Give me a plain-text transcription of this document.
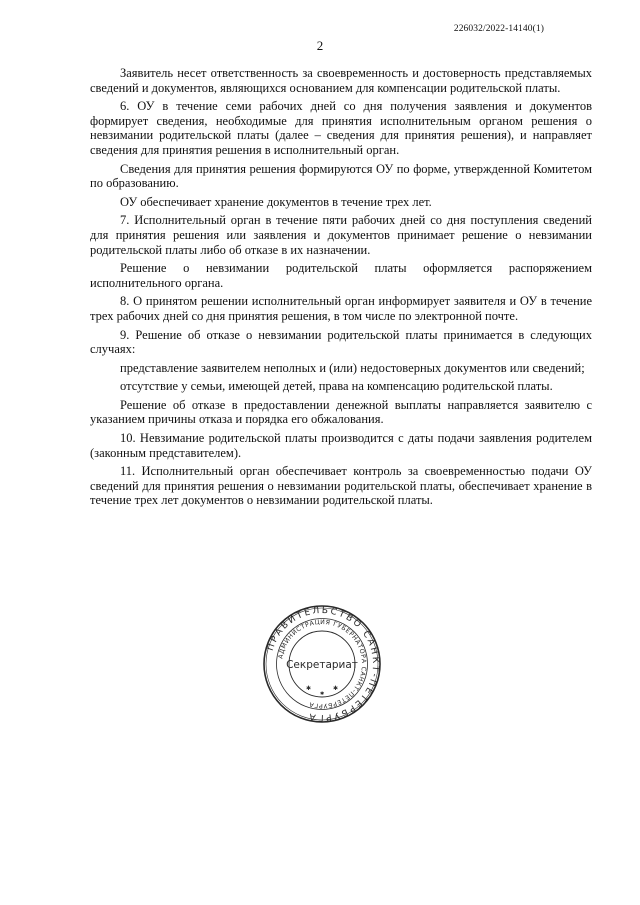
226032/2022-14140(1)
2

Заявитель несет ответственность за своевременность и достоверность представляемых сведений и документов, являющихся основанием для компенсации родительской платы.

6. ОУ в течение семи рабочих дней со дня получения заявления и документов формирует сведения, необходимые для принятия исполнительным органом решения о невзимании родительской платы (далее – сведения для принятия решения), и направляет сведения для принятия решения в исполнительный орган.

Сведения для принятия решения формируются ОУ по форме, утвержденной Комитетом по образованию.

ОУ обеспечивает хранение документов в течение трех лет.

7. Исполнительный орган в течение пяти рабочих дней со дня поступления сведений для принятия решения или заявления и документов принимает решение о невзимании родительской платы либо об отказе в их назначении.

Решение о невзимании родительской платы оформляется распоряжением исполнительного органа.

8. О принятом решении исполнительный орган информирует заявителя и ОУ в течение трех рабочих дней со дня принятия решения, в том числе по электронной почте.

9. Решение об отказе о невзимании родительской платы принимается в следующих случаях:

представление заявителем неполных и (или) недостоверных документов или сведений;

отсутствие у семьи, имеющей детей, права на компенсацию родительской платы.

Решение об отказе в предоставлении денежной выплаты направляется заявителю с указанием причины отказа и порядка его обжалования.

10. Невзимание родительской платы производится с даты подачи заявления родителем (законным представителем).

11. Исполнительный орган обеспечивает контроль за своевременностью подачи ОУ сведений для принятия решения о невзимании родительской платы, обеспечивает хранение в течение трех лет документов о невзимании родительской платы.

ПРАВИТЕЛЬСТВО САНКТ-ПЕТЕРБУРГА
АДМИНИСТРАЦИЯ ГУБЕРНАТОРА САНКТ-ПЕТЕРБУРГА
Секретариат
✱	✱
✱
